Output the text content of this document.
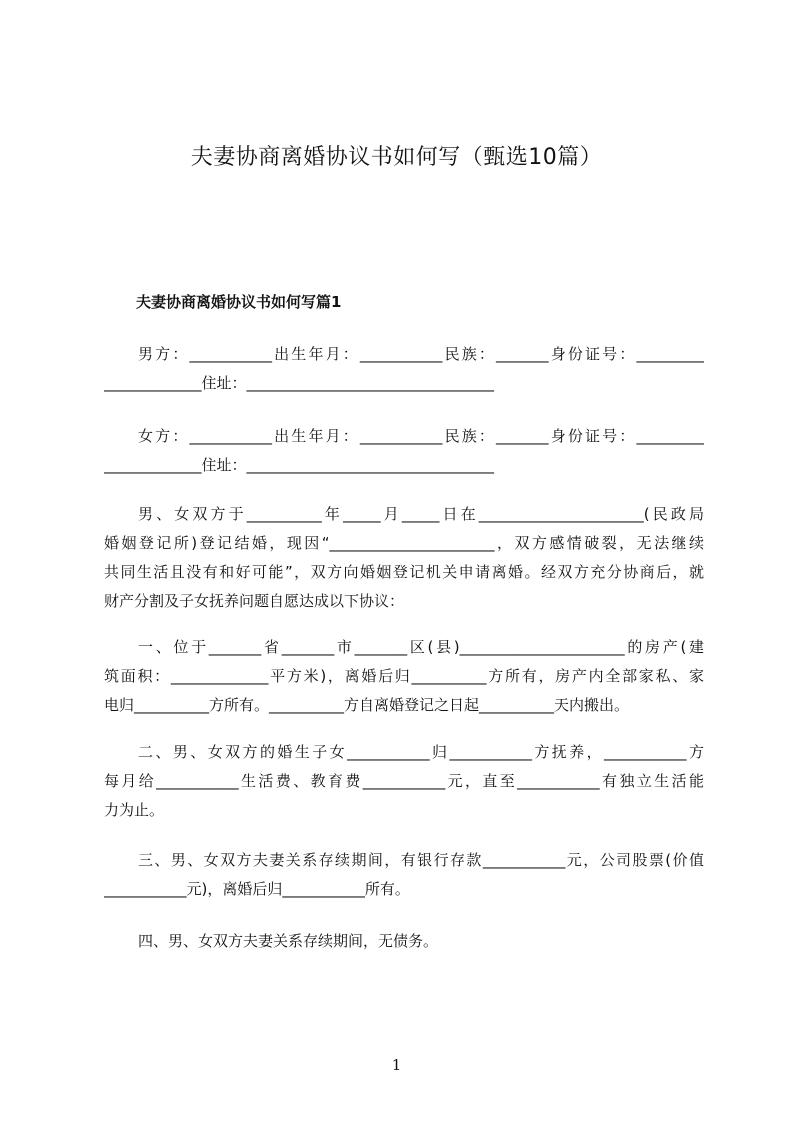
夫妻协商离婚协议书如何写（甄选10篇）
夫妻协商离婚协议书如何写篇1
男方：___________出生年月：___________民族：_______身份证号：_________
_____________住址：_________________________________
女方：___________出生年月：___________民族：_______身份证号：_________
_____________住址：_________________________________
男、女双方于__________年_____月_____日在______________________(民政局
婚姻登记所)登记结婚，现因“______________________，双方感情破裂，无法继续
共同生活且没有和好可能”，双方向婚姻登记机关申请离婚。经双方充分协商后，就
财产分割及子女抚养问题自愿达成以下协议：
一、位于_______省_______市_______区(县)______________________的房产(建
筑面积：_____________平方米)，离婚后归__________方所有，房产内全部家私、家
电归__________方所有。__________方自离婚登记之日起__________天内搬出。
二、男、女双方的婚生子女___________归___________方抚养，___________方
每月给___________生活费、教育费___________元，直至___________有独立生活能
力为止。
三、男、女双方夫妻关系存续期间，有银行存款___________元，公司股票(价值
___________元)，离婚后归___________所有。
四、男、女双方夫妻关系存续期间，无债务。
1
